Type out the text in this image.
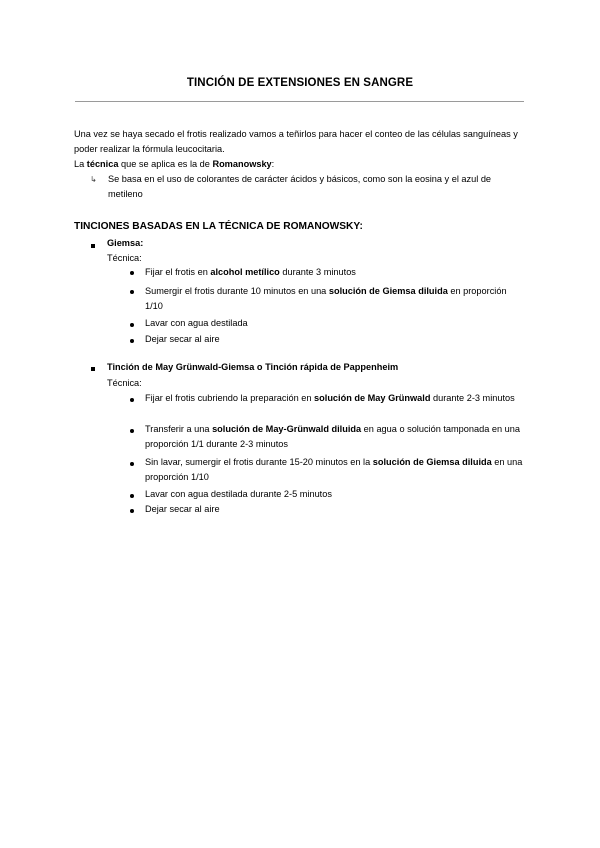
TINCIÓN DE EXTENSIONES EN SANGRE
Una vez se haya secado el frotis realizado vamos a teñirlos para hacer el conteo de las células sanguíneas y poder realizar la fórmula leucocitaria.
La técnica que se aplica es la de Romanowsky:
↳ Se basa en el uso de colorantes de carácter ácidos y básicos, como son la eosina y el azul de metileno
TINCIONES BASADAS EN LA TÉCNICA DE ROMANOWSKY:
Giemsa:
Técnica:
Fijar el frotis en alcohol metílico durante 3 minutos
Sumergir el frotis durante 10 minutos en una solución de Giemsa diluida en proporción 1/10
Lavar con agua destilada
Dejar secar al aire
Tinción de May Grünwald-Giemsa o Tinción rápida de Pappenheim
Técnica:
Fijar el frotis cubriendo la preparación en solución de May Grünwald durante 2-3 minutos
Transferir a una solución de May-Grünwald diluida en agua o solución tamponada en una proporción 1/1 durante 2-3 minutos
Sin lavar, sumergir el frotis durante 15-20 minutos en la solución de Giemsa diluida en una proporción 1/10
Lavar con agua destilada durante 2-5 minutos
Dejar secar al aire
